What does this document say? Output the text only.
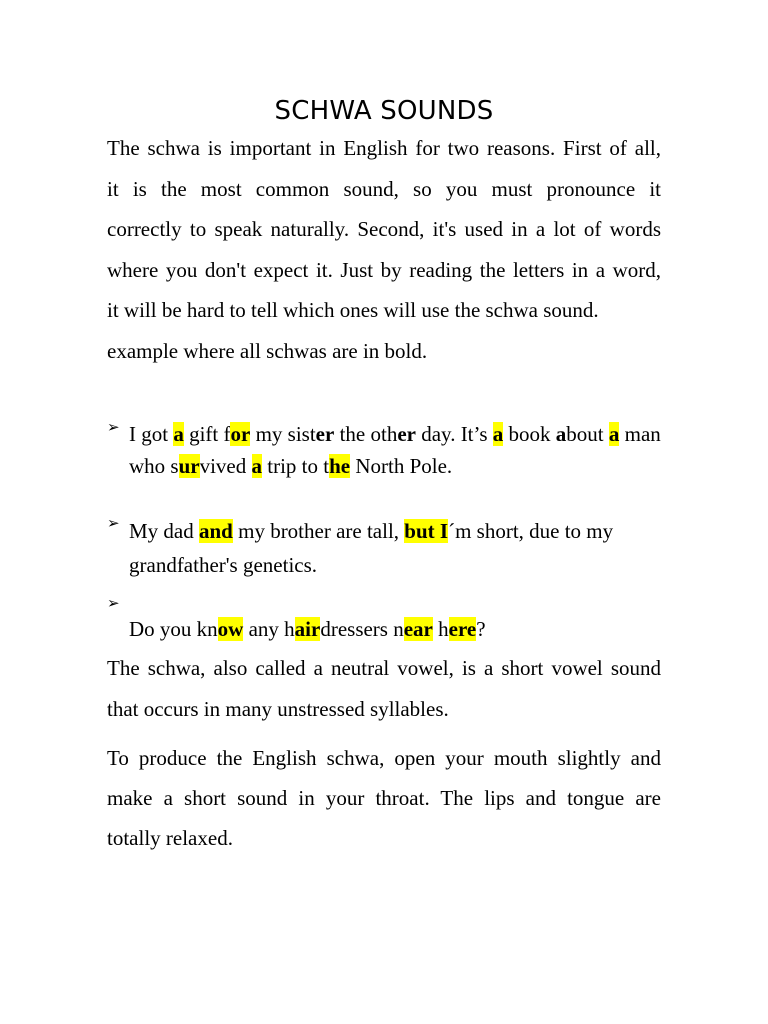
SCHWA SOUNDS

The schwa is important in English for two reasons. First of all,

it is the most common sound, so you must pronounce it

correctly to speak naturally. Second, it's used in a lot of words

where you don't expect it. Just by reading the letters in a word,

it will be hard to tell which ones will use the schwa sound.

example where all schwas are in bold.

➢ I got a gift for my sister the other day. It’s a book about a man
who survived a trip to the North Pole.
➢ My dad and my brother are tall, but I´m short, due to my
grandfather's genetics.
➢
Do you know any hairdressers near here?
The schwa, also called a neutral vowel, is a short vowel sound
that occurs in many unstressed syllables.
To produce the English schwa, open your mouth slightly and
make a short sound in your throat. The lips and tongue are
totally relaxed.
